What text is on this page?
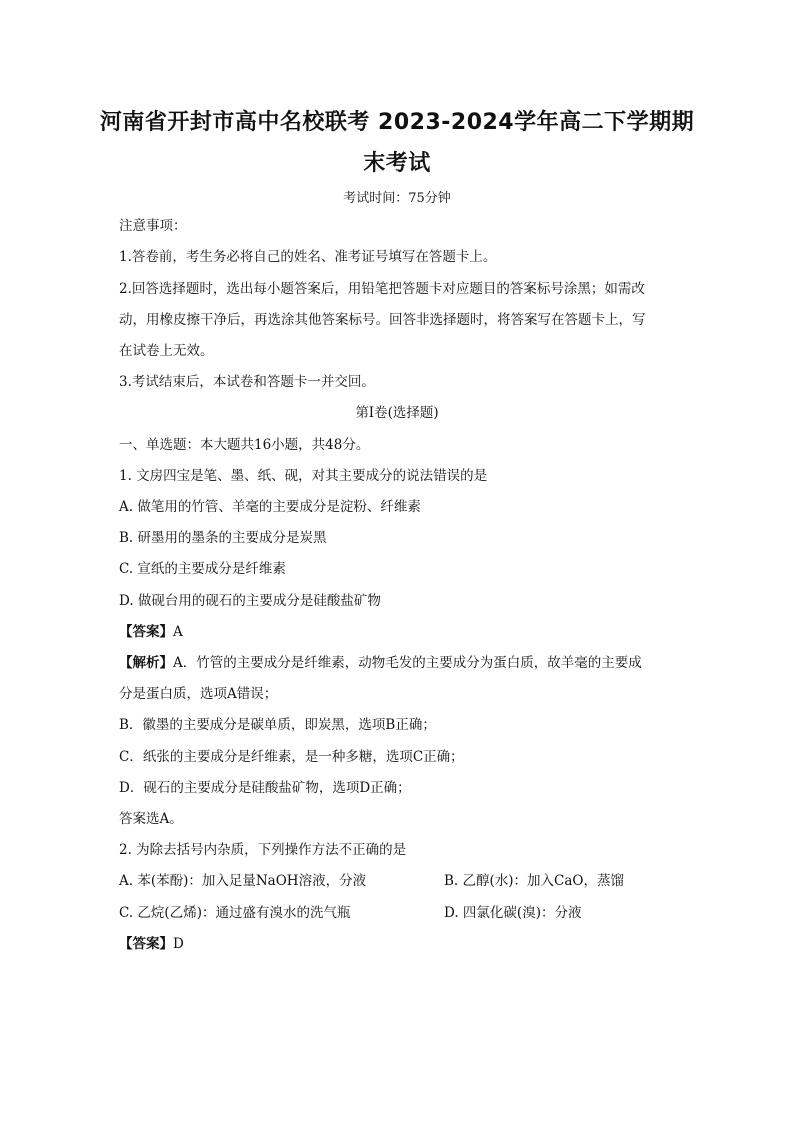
河南省开封市高中名校联考 2023-2024学年高二下学期期
末考试
考试时间：75分钟
注意事项：
1.答卷前，考生务必将自己的姓名、准考证号填写在答题卡上。
2.回答选择题时，选出每小题答案后，用铅笔把答题卡对应题目的答案标号涂黑；如需改
动，用橡皮擦干净后，再选涂其他答案标号。回答非选择题时，将答案写在答题卡上，写
在试卷上无效。
3.考试结束后，本试卷和答题卡一并交回。
第Ⅰ卷(选择题)
一、单选题：本大题共16小题，共48分。
1. 文房四宝是笔、墨、纸、砚，对其主要成分的说法错误的是
A. 做笔用的竹管、羊毫的主要成分是淀粉、纤维素
B. 研墨用的墨条的主要成分是炭黑
C. 宣纸的主要成分是纤维素
D. 做砚台用的砚石的主要成分是硅酸盐矿物
【答案】A
【解析】A．竹管的主要成分是纤维素，动物毛发的主要成分为蛋白质，故羊毫的主要成
分是蛋白质，选项A错误；
B．徽墨的主要成分是碳单质，即炭黑，选项B正确；
C．纸张的主要成分是纤维素，是一种多糖，选项C正确；
D．砚石的主要成分是硅酸盐矿物，选项D正确；
答案选A。
2. 为除去括号内杂质，下列操作方法不正确的是
A. 苯(苯酚)：加入足量NaOH溶液，分液	B. 乙醇(水)：加入CaO，蒸馏
C. 乙烷(乙烯)：通过盛有溴水的洗气瓶	D. 四氯化碳(溴)：分液
【答案】D
